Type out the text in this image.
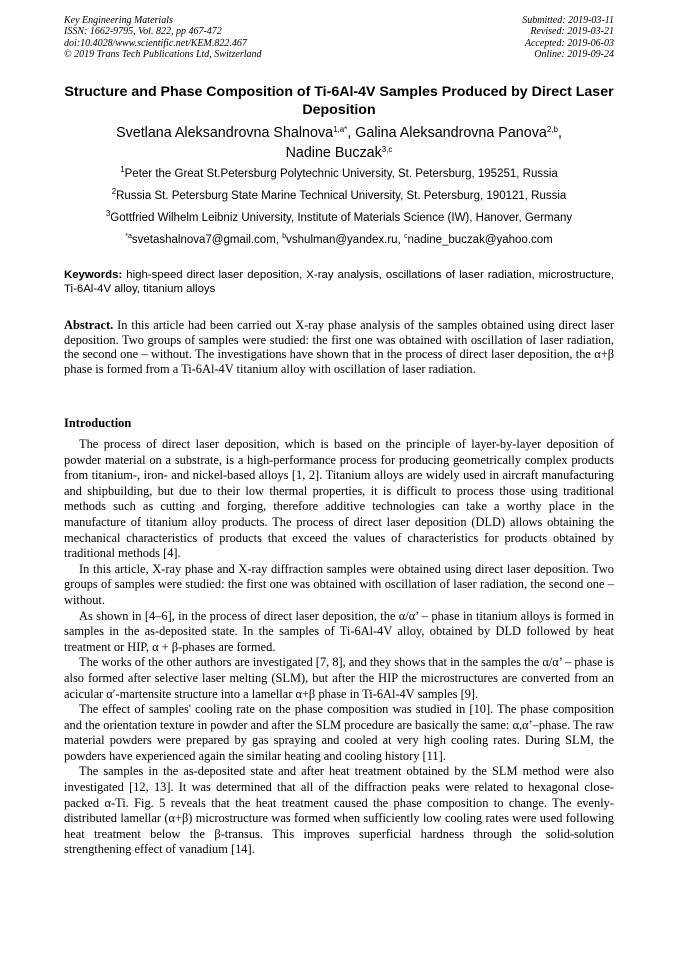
Key Engineering Materials
ISSN: 1662-9795, Vol. 822, pp 467-472
doi:10.4028/www.scientific.net/KEM.822.467
© 2019 Trans Tech Publications Ltd, Switzerland
Submitted: 2019-03-11
Revised: 2019-03-21
Accepted: 2019-06-03
Online: 2019-09-24
Structure and Phase Composition of Ti-6Al-4V Samples Produced by Direct Laser Deposition
Svetlana Aleksandrovna Shalnova$^{1,a*}$, Galina Aleksandrovna Panova$^{2,b}$,
Nadine Buczak$^{3,c}$
$^1$Peter the Great St.Petersburg Polytechnic University, St. Petersburg, 195251, Russia
$^2$Russia St. Petersburg State Marine Technical University, St. Petersburg, 190121, Russia
$^3$Gottfried Wilhelm Leibniz University, Institute of Materials Science (IW), Hanover, Germany
$^{*a}$svetashalnova7@gmail.com, $^b$vshulman@yandex.ru, $^c$nadine_buczak@yahoo.com
Keywords: high-speed direct laser deposition, X-ray analysis, oscillations of laser radiation, microstructure, Ti-6Al-4V alloy, titanium alloys
Abstract. In this article had been carried out X-ray phase analysis of the samples obtained using direct laser deposition. Two groups of samples were studied: the first one was obtained with oscillation of laser radiation, the second one – without. The investigations have shown that in the process of direct laser deposition, the α+β phase is formed from a Ti-6Al-4V titanium alloy with oscillation of laser radiation.
Introduction

The process of direct laser deposition, which is based on the principle of layer-by-layer deposition of powder material on a substrate, is a high-performance process for producing geometrically complex products from titanium-, iron- and nickel-based alloys [1, 2]. Titanium alloys are widely used in aircraft manufacturing and shipbuilding, but due to their low thermal properties, it is difficult to process those using traditional methods such as cutting and forging, therefore additive technologies can take a worthy place in the manufacture of titanium alloy products. The process of direct laser deposition (DLD) allows obtaining the mechanical characteristics of products that exceed the values of characteristics for products obtained by traditional methods [4].

In this article, X-ray phase and X-ray diffraction samples were obtained using direct laser deposition. Two groups of samples were studied: the first one was obtained with oscillation of laser radiation, the second one – without.

As shown in [4–6], in the process of direct laser deposition, the α/α’ – phase in titanium alloys is formed in samples in the as-deposited state. In the samples of Ti-6Al-4V alloy, obtained by DLD followed by heat treatment or HIP, α + β-phases are formed.

The works of the other authors are investigated [7, 8], and they shows that in the samples the α/α’ – phase is also formed after selective laser melting (SLM), but after the HIP the microstructures are converted from an acicular α′-martensite structure into a lamellar α+β phase in Ti-6Al-4V samples [9].

The effect of samples' cooling rate on the phase composition was studied in [10]. The phase composition and the orientation texture in powder and after the SLM procedure are basically the same: α,α’–phase. The raw material powders were prepared by gas spraying and cooled at very high cooling rates. During SLM, the powders have experienced again the similar heating and cooling history [11].

The samples in the as-deposited state and after heat treatment obtained by the SLM method were also investigated [12, 13]. It was determined that all of the diffraction peaks were related to hexagonal close-packed α-Ti. Fig. 5 reveals that the heat treatment caused the phase composition to change. The evenly-distributed lamellar (α+β) microstructure was formed when sufficiently low cooling rates were used following heat treatment below the β-transus. This improves superficial hardness through the solid-solution strengthening effect of vanadium [14].
